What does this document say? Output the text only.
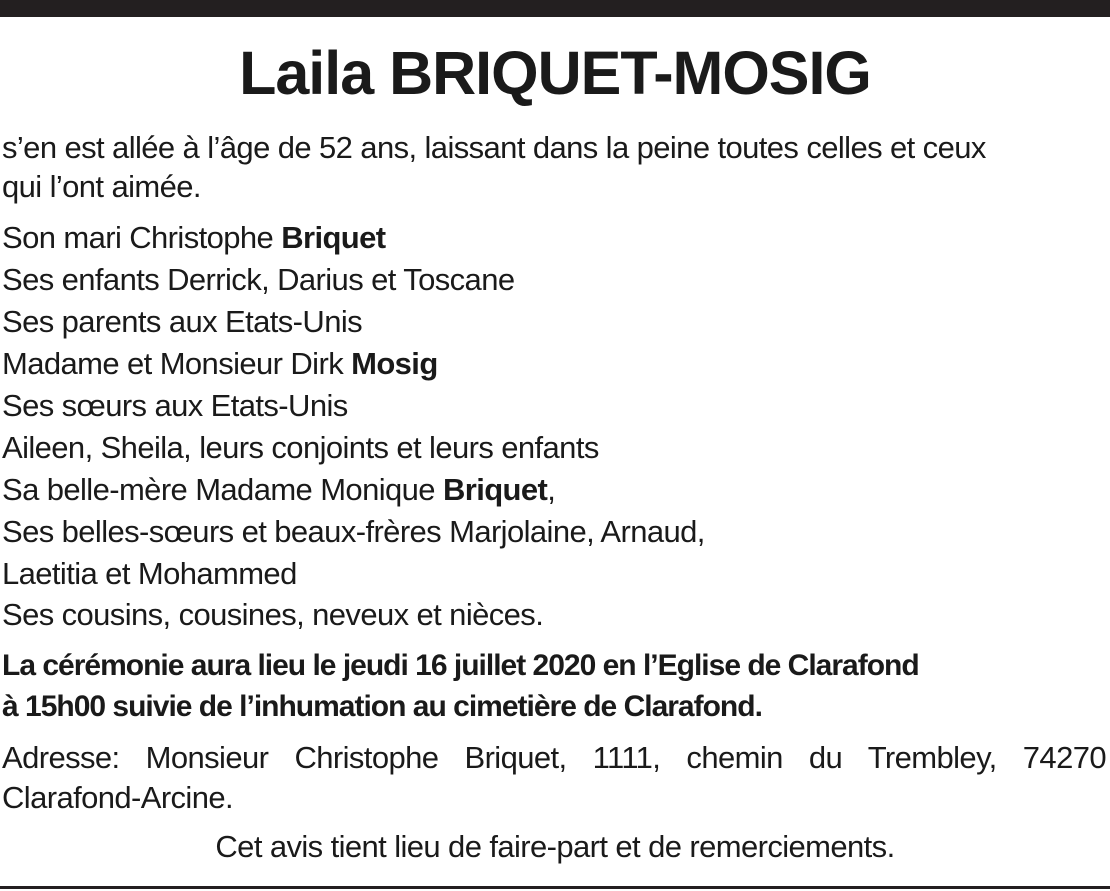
Laila BRIQUET-MOSIG
s’en est allée à l’âge de 52 ans, laissant dans la peine toutes celles et ceux
qui l’ont aimée.
Son mari Christophe Briquet
Ses enfants Derrick, Darius et Toscane
Ses parents aux Etats-Unis
Madame et Monsieur Dirk Mosig
Ses sœurs aux Etats-Unis
Aileen, Sheila, leurs conjoints et leurs enfants
Sa belle-mère Madame Monique Briquet,
Ses belles-sœurs et beaux-frères Marjolaine, Arnaud,
Laetitia et Mohammed
Ses cousins, cousines, neveux et nièces.
La cérémonie aura lieu le jeudi 16 juillet 2020 en l’Eglise de Clarafond
à 15h00 suivie de l’inhumation au cimetière de Clarafond.
Adresse: Monsieur Christophe Briquet, 1111, chemin du Trembley, 74270
Clarafond-Arcine.
Cet avis tient lieu de faire-part et de remerciements.
